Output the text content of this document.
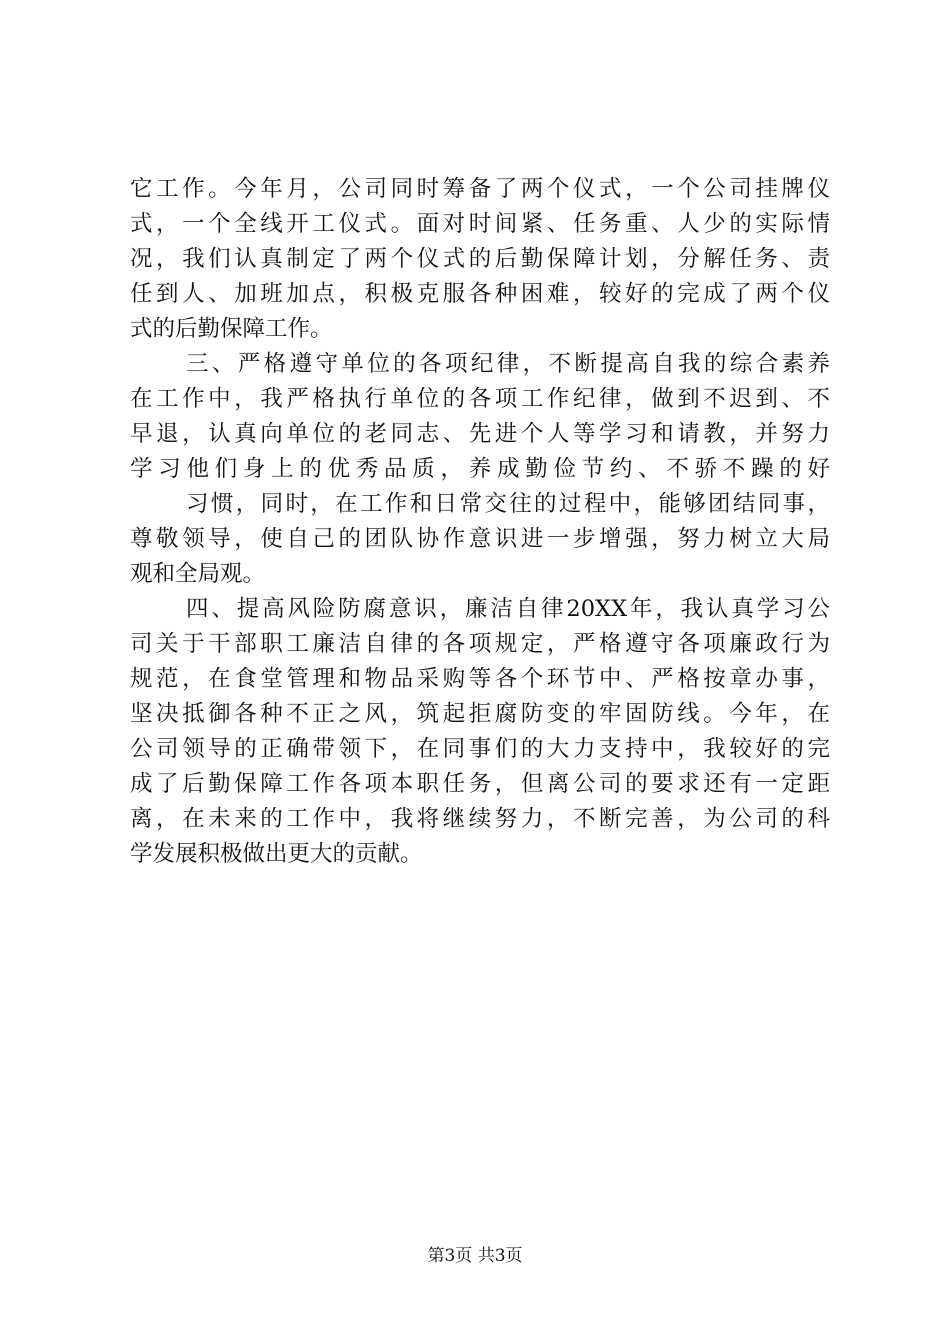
它工作。今年月，公司同时筹备了两个仪式，一个公司挂牌仪
式，一个全线开工仪式。面对时间紧、任务重、人少的实际情
况，我们认真制定了两个仪式的后勤保障计划，分解任务、责
任到人、加班加点，积极克服各种困难，较好的完成了两个仪
式的后勤保障工作。
三、严格遵守单位的各项纪律，不断提高自我的综合素养
在工作中，我严格执行单位的各项工作纪律，做到不迟到、不
早退，认真向单位的老同志、先进个人等学习和请教，并努力
学习他们身上的优秀品质，养成勤俭节约、不骄不躁的好
习惯，同时，在工作和日常交往的过程中，能够团结同事，
尊敬领导，使自己的团队协作意识进一步增强，努力树立大局
观和全局观。
四、提高风险防腐意识，廉洁自律20XX年，我认真学习公
司关于干部职工廉洁自律的各项规定，严格遵守各项廉政行为
规范，在食堂管理和物品采购等各个环节中、严格按章办事，
坚决抵御各种不正之风，筑起拒腐防变的牢固防线。今年，在
公司领导的正确带领下，在同事们的大力支持中，我较好的完
成了后勤保障工作各项本职任务，但离公司的要求还有一定距
离，在未来的工作中，我将继续努力，不断完善，为公司的科
学发展积极做出更大的贡献。
第3页 共3页
